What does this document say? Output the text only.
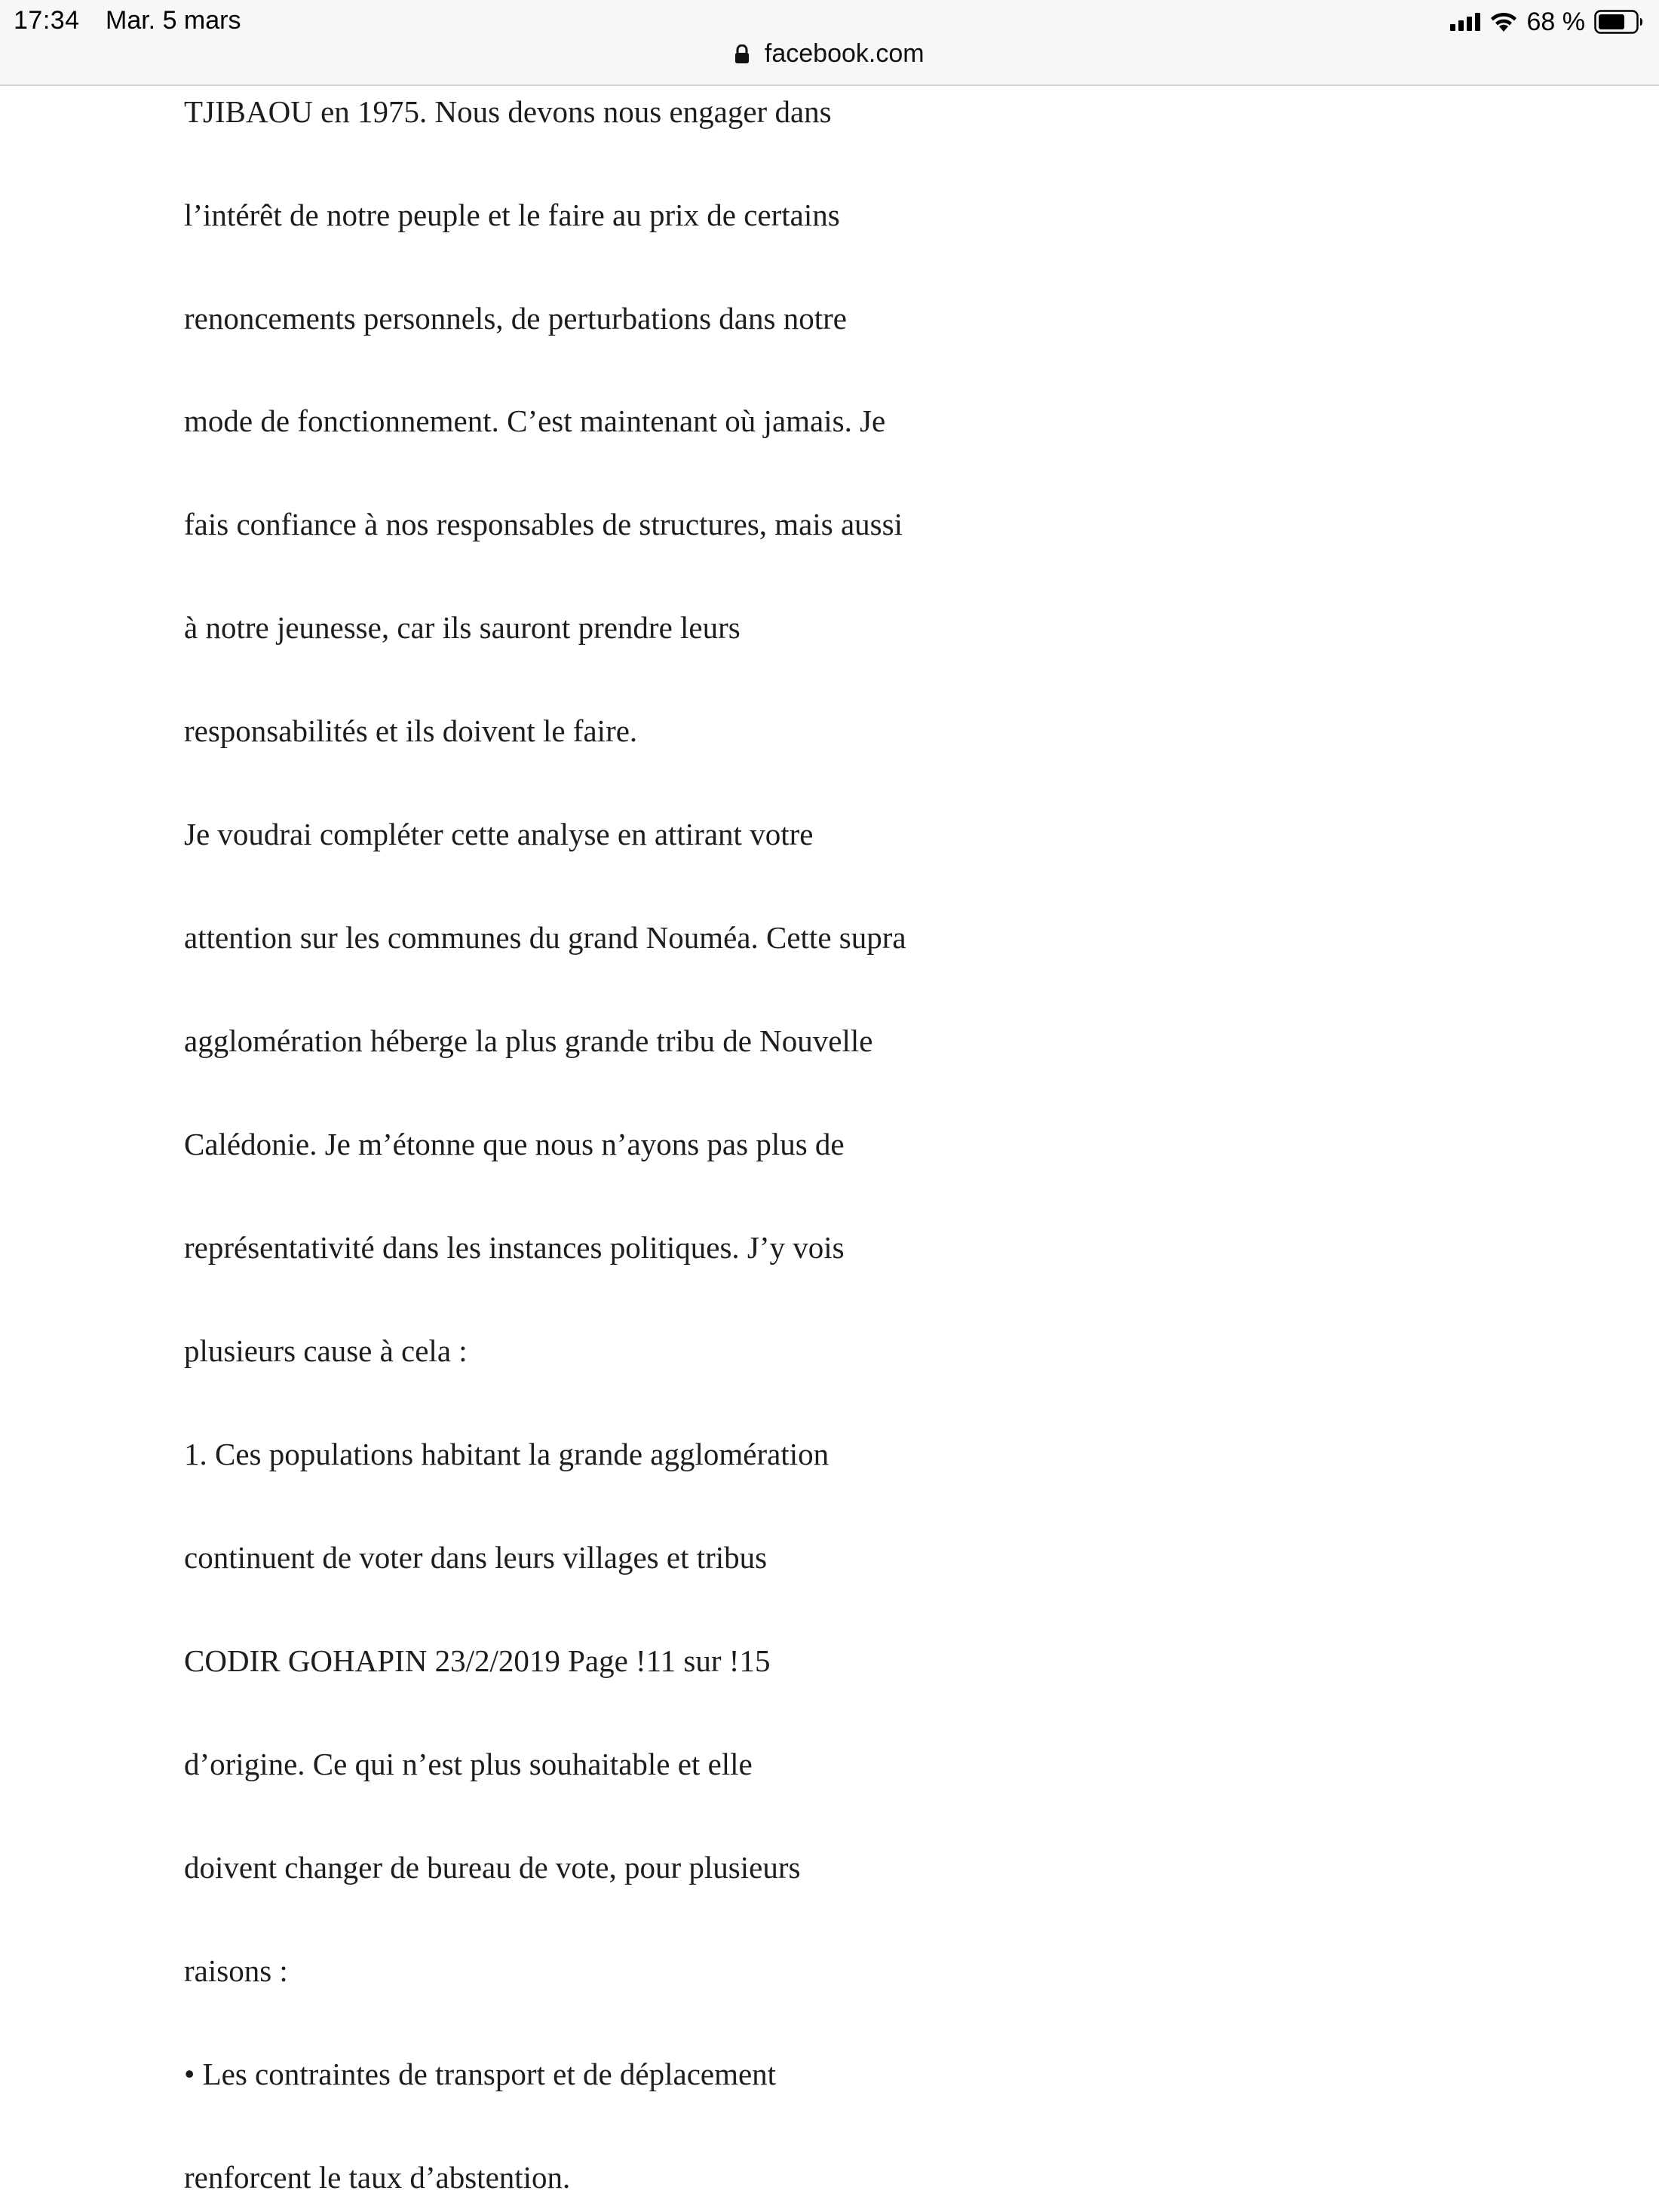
17:34 Mar. 5 mars	68 %
facebook.com
TJIBAOU en 1975. Nous devons nous engager dans
l’intérêt de notre peuple et le faire au prix de certains
renoncements personnels, de perturbations dans notre
mode de fonctionnement. C’est maintenant où jamais. Je
fais confiance à nos responsables de structures, mais aussi
à notre jeunesse, car ils sauront prendre leurs
responsabilités et ils doivent le faire.
Je voudrai compléter cette analyse en attirant votre
attention sur les communes du grand Nouméa. Cette supra
agglomération héberge la plus grande tribu de Nouvelle
Calédonie. Je m’étonne que nous n’ayons pas plus de
représentativité dans les instances politiques. J’y vois
plusieurs cause à cela :
1. Ces populations habitant la grande agglomération
continuent de voter dans leurs villages et tribus
CODIR GOHAPIN 23/2/2019 Page !11 sur !15
d’origine. Ce qui n’est plus souhaitable et elle
doivent changer de bureau de vote, pour plusieurs
raisons :
• Les contraintes de transport et de déplacement
renforcent le taux d’abstention.
